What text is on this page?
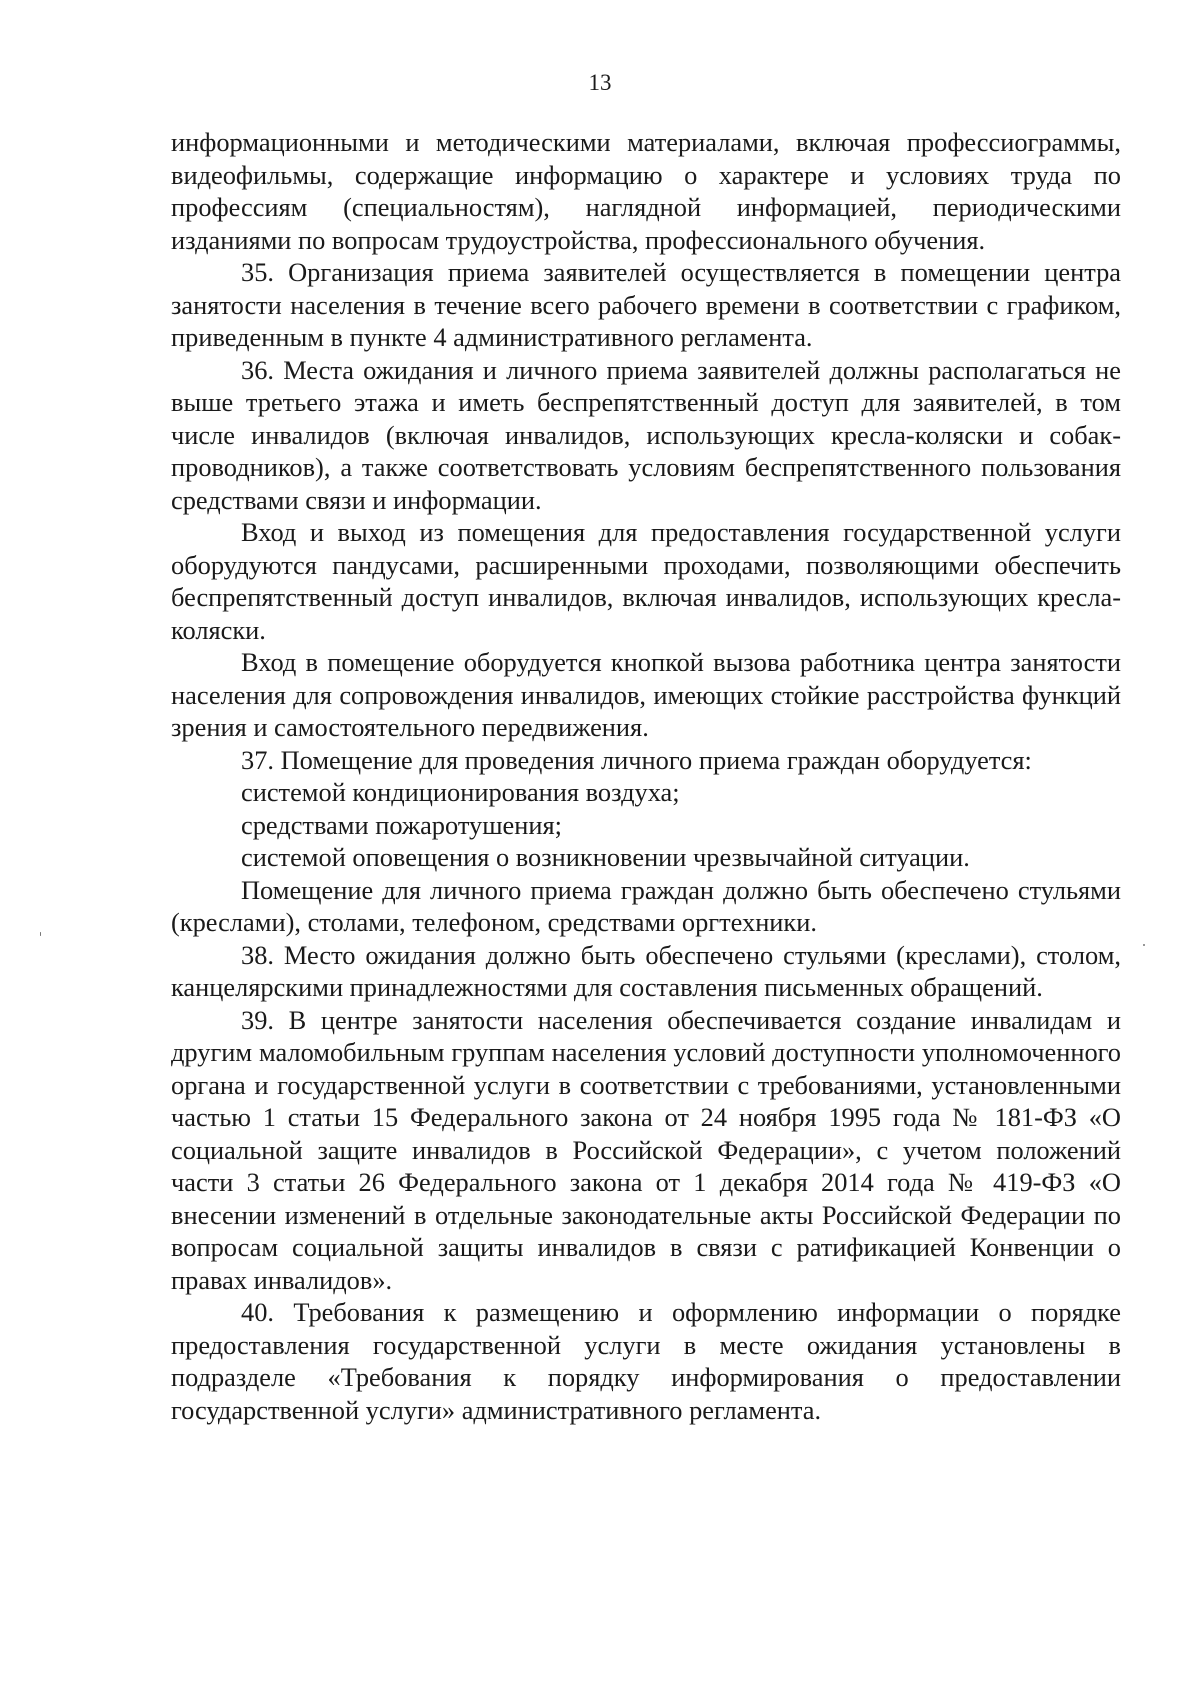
13

информационными и методическими материалами, включая профессиограммы, видеофильмы, содержащие информацию о характере и условиях труда по профессиям (специальностям), наглядной информацией, периодическими изданиями по вопросам трудоустройства, профессионального обучения.

35. Организация приема заявителей осуществляется в помещении центра занятости населения в течение всего рабочего времени в соответствии с графиком, приведенным в пункте 4 административного регламента.

36. Места ожидания и личного приема заявителей должны располагаться не выше третьего этажа и иметь беспрепятственный доступ для заявителей, в том числе инвалидов (включая инвалидов, использующих кресла-коляски и собак-проводников), а также соответствовать условиям беспрепятственного пользования средствами связи и информации.

Вход и выход из помещения для предоставления государственной услуги оборудуются пандусами, расширенными проходами, позволяющими обеспечить беспрепятственный доступ инвалидов, включая инвалидов, использующих кресла-коляски.

Вход в помещение оборудуется кнопкой вызова работника центра занятости населения для сопровождения инвалидов, имеющих стойкие расстройства функций зрения и самостоятельного передвижения.

37. Помещение для проведения личного приема граждан оборудуется:

системой кондиционирования воздуха;

средствами пожаротушения;

системой оповещения о возникновении чрезвычайной ситуации.

Помещение для личного приема граждан должно быть обеспечено стульями (креслами), столами, телефоном, средствами оргтехники.

38. Место ожидания должно быть обеспечено стульями (креслами), столом, канцелярскими принадлежностями для составления письменных обращений.

39. В центре занятости населения обеспечивается создание инвалидам и другим маломобильным группам населения условий доступности уполномоченного органа и государственной услуги в соответствии с требованиями, установленными частью 1 статьи 15 Федерального закона от 24 ноября 1995 года № 181-ФЗ «О социальной защите инвалидов в Российской Федерации», с учетом положений части 3 статьи 26 Федерального закона от 1 декабря 2014 года № 419-ФЗ «О внесении изменений в отдельные законодательные акты Российской Федерации по вопросам социальной защиты инвалидов в связи с ратификацией Конвенции о правах инвалидов».

40. Требования к размещению и оформлению информации о порядке предоставления государственной услуги в месте ожидания установлены в подразделе «Требования к порядку информирования о предоставлении государственной услуги» административного регламента.
